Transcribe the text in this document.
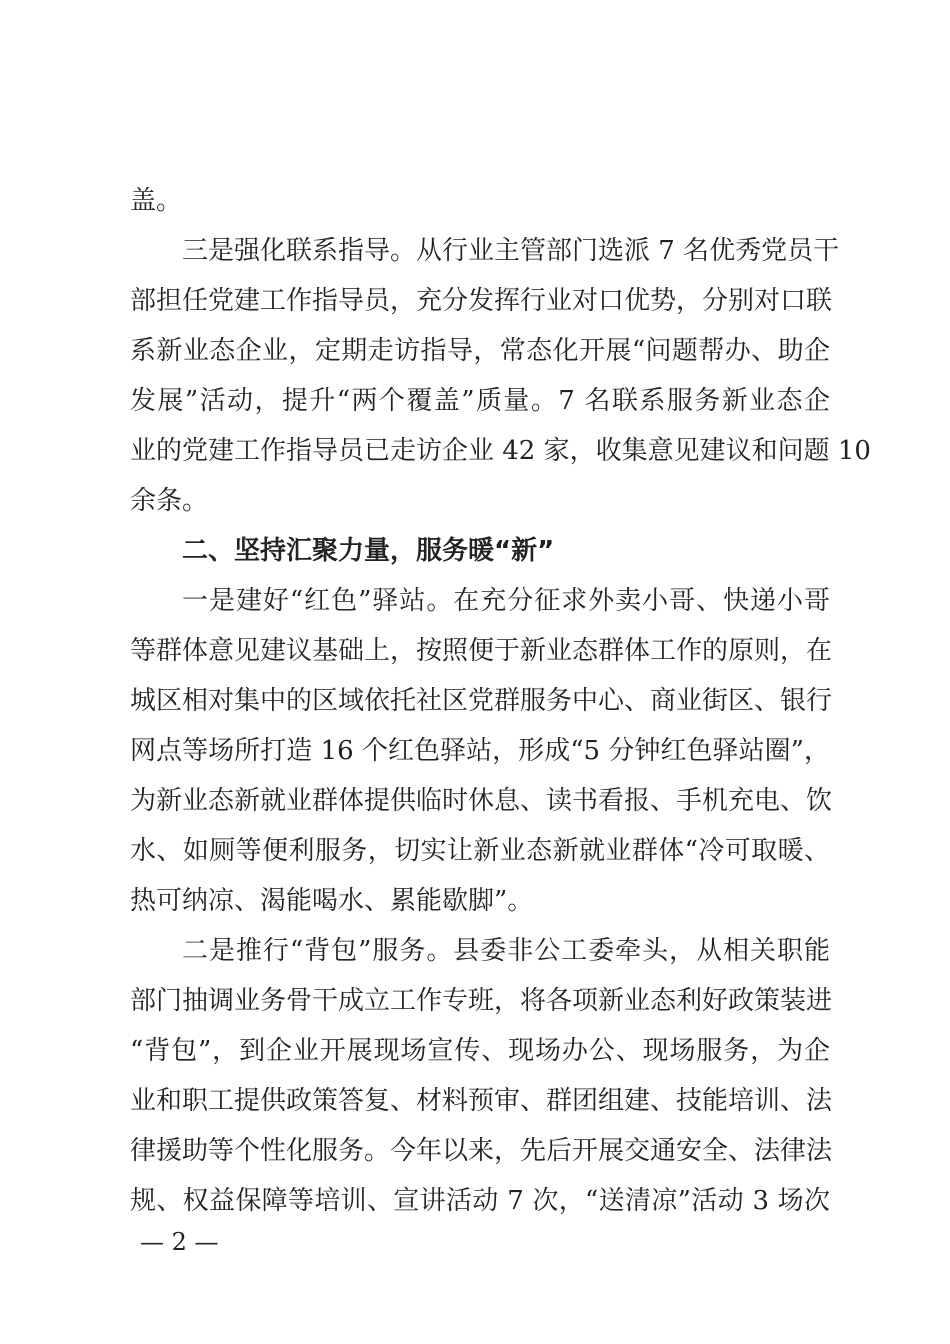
盖。
三是强化联系指导。从行业主管部门选派 7 名优秀党员干
部担任党建工作指导员，充分发挥行业对口优势，分别对口联
系新业态企业，定期走访指导，常态化开展“问题帮办、助企
发展”活动，提升“两个覆盖”质量。7 名联系服务新业态企
业的党建工作指导员已走访企业 42 家，收集意见建议和问题 10
余条。
二、坚持汇聚力量，服务暖“新”
一是建好“红色”驿站。在充分征求外卖小哥、快递小哥
等群体意见建议基础上，按照便于新业态群体工作的原则，在
城区相对集中的区域依托社区党群服务中心、商业街区、银行
网点等场所打造 16 个红色驿站，形成“5 分钟红色驿站圈”，
为新业态新就业群体提供临时休息、读书看报、手机充电、饮
水、如厕等便利服务，切实让新业态新就业群体“冷可取暖、
热可纳凉、渴能喝水、累能歇脚”。
二是推行“背包”服务。县委非公工委牵头，从相关职能
部门抽调业务骨干成立工作专班，将各项新业态利好政策装进
“背包”，到企业开展现场宣传、现场办公、现场服务，为企
业和职工提供政策答复、材料预审、群团组建、技能培训、法
律援助等个性化服务。今年以来，先后开展交通安全、法律法
规、权益保障等培训、宣讲活动 7 次，“送清凉”活动 3 场次
— 2 —
